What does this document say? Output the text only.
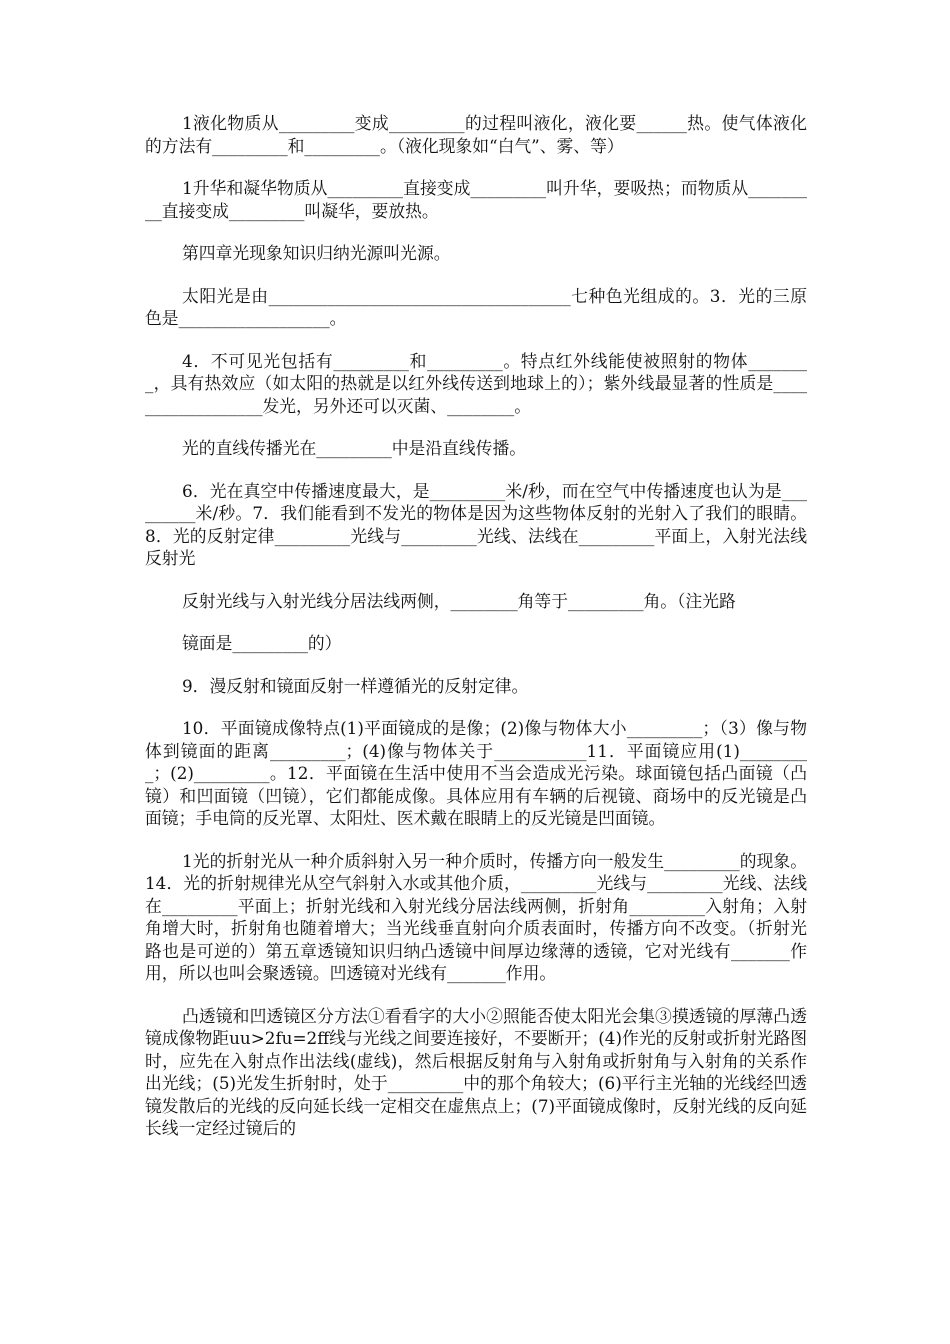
1液化物质从_________变成_________的过程叫液化，液化要______热。使气体液化的方法有_________和_________。（液化现象如“白气”、雾、等）

1升华和凝华物质从_________直接变成_________叫升华，要吸热；而物质从_________直接变成_________叫凝华，要放热。

第四章光现象知识归纳光源叫光源。

太阳光是由____________________________________七种色光组成的。3．光的三原色是__________________。

4．不可见光包括有_________和_________。特点红外线能使被照射的物体________，具有热效应（如太阳的热就是以红外线传送到地球上的）；紫外线最显著的性质是__________________发光，另外还可以灭菌、________。

光的直线传播光在_________中是沿直线传播。

6．光在真空中传播速度最大，是_________米/秒，而在空气中传播速度也认为是_________米/秒。7．我们能看到不发光的物体是因为这些物体反射的光射入了我们的眼睛。8．光的反射定律_________光线与_________光线、法线在_________平面上，入射光法线反射光

反射光线与入射光线分居法线两侧，________角等于_________角。（注光路

镜面是_________的）

9．漫反射和镜面反射一样遵循光的反射定律。

10．平面镜成像特点(1)平面镜成的是像；(2)像与物体大小_________；（3）像与物体到镜面的距离_________；(4)像与物体关于___________11．平面镜应用(1)_________；(2)_________。12．平面镜在生活中使用不当会造成光污染。球面镜包括凸面镜（凸镜）和凹面镜（凹镜），它们都能成像。具体应用有车辆的后视镜、商场中的反光镜是凸面镜；手电筒的反光罩、太阳灶、医术戴在眼睛上的反光镜是凹面镜。

1光的折射光从一种介质斜射入另一种介质时，传播方向一般发生_________的现象。14．光的折射规律光从空气斜射入水或其他介质，_________光线与_________光线、法线在_________平面上；折射光线和入射光线分居法线两侧，折射角_________入射角；入射角增大时，折射角也随着增大；当光线垂直射向介质表面时，传播方向不改变。（折射光路也是可逆的）第五章透镜知识归纳凸透镜中间厚边缘薄的透镜，它对光线有_______作用，所以也叫会聚透镜。凹透镜对光线有_______作用。

凸透镜和凹透镜区分方法①看看字的大小②照能否使太阳光会集③摸透镜的厚薄凸透镜成像物距uu>2fu=2ff线与光线之间要连接好，不要断开；(4)作光的反射或折射光路图时，应先在入射点作出法线(虚线)，然后根据反射角与入射角或折射角与入射角的关系作出光线；(5)光发生折射时，处于_________中的那个角较大；(6)平行主光轴的光线经凹透镜发散后的光线的反向延长线一定相交在虚焦点上；(7)平面镜成像时，反射光线的反向延长线一定经过镜后的
